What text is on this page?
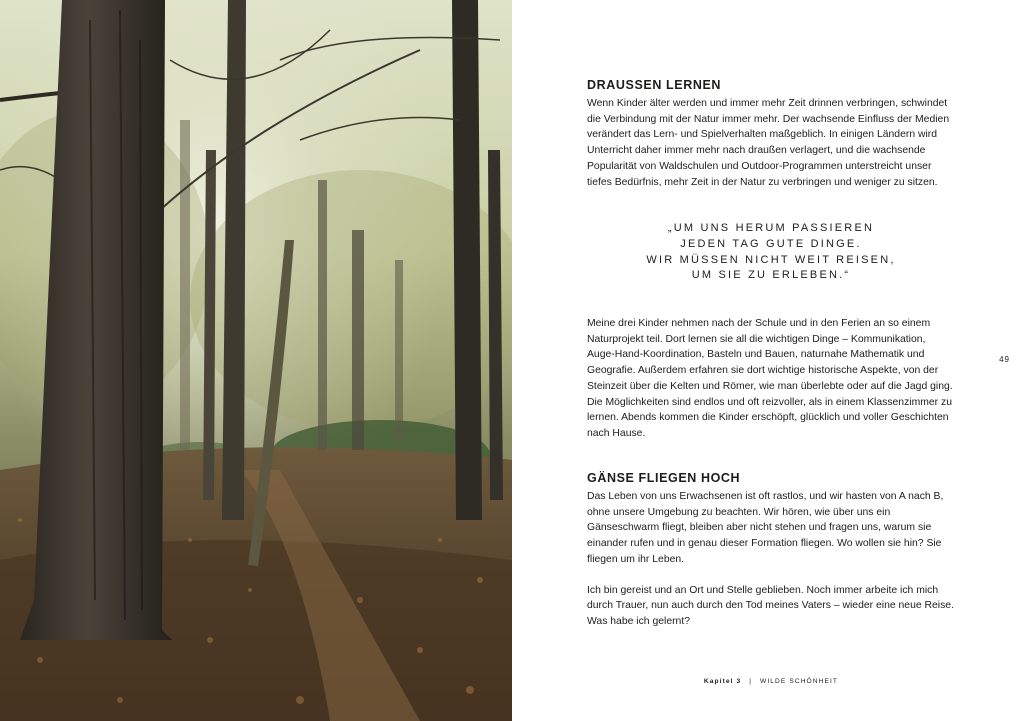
DRAUSSEN LERNEN

Wenn Kinder älter werden und immer mehr Zeit drinnen verbringen, schwindet die Verbindung mit der Natur immer mehr. Der wachsende Einfluss der Medien verändert das Lern- und Spielverhalten maßgeblich. In einigen Ländern wird Unterricht daher immer mehr nach draußen verlagert, und die wachsende Popularität von Waldschulen und Outdoor-Programmen unterstreicht unser tiefes Bedürfnis, mehr Zeit in der Natur zu verbringen und weniger zu sitzen.

„UM UNS HERUM PASSIEREN
JEDEN TAG GUTE DINGE.
WIR MÜSSEN NICHT WEIT REISEN,
UM SIE ZU ERLEBEN.“

Meine drei Kinder nehmen nach der Schule und in den Ferien an so einem Naturprojekt teil. Dort lernen sie all die wichtigen Dinge – Kommunikation, Auge-Hand-Koordination, Basteln und Bauen, naturnahe Mathematik und Geografie. Außerdem erfahren sie dort wichtige historische Aspekte, von der Steinzeit über die Kelten und Römer, wie man überlebte oder auf die Jagd ging. Die Möglichkeiten sind endlos und oft reizvoller, als in einem Klassenzimmer zu lernen. Abends kommen die Kinder erschöpft, glücklich und voller Geschichten nach Hause.

GÄNSE FLIEGEN HOCH

Das Leben von uns Erwachsenen ist oft rastlos, und wir hasten von A nach B, ohne unsere Umgebung zu beachten. Wir hören, wie über uns ein Gänseschwarm fliegt, bleiben aber nicht stehen und fragen uns, warum sie einander rufen und in genau dieser Formation fliegen. Wo wollen sie hin? Sie fliegen um ihr Leben.

Ich bin gereist und an Ort und Stelle geblieben. Noch immer arbeite ich mich durch Trauer, nun auch durch den Tod meines Vaters – wieder eine neue Reise. Was habe ich gelernt?

49
Kapitel 3 | WILDE SCHÖNHEIT
